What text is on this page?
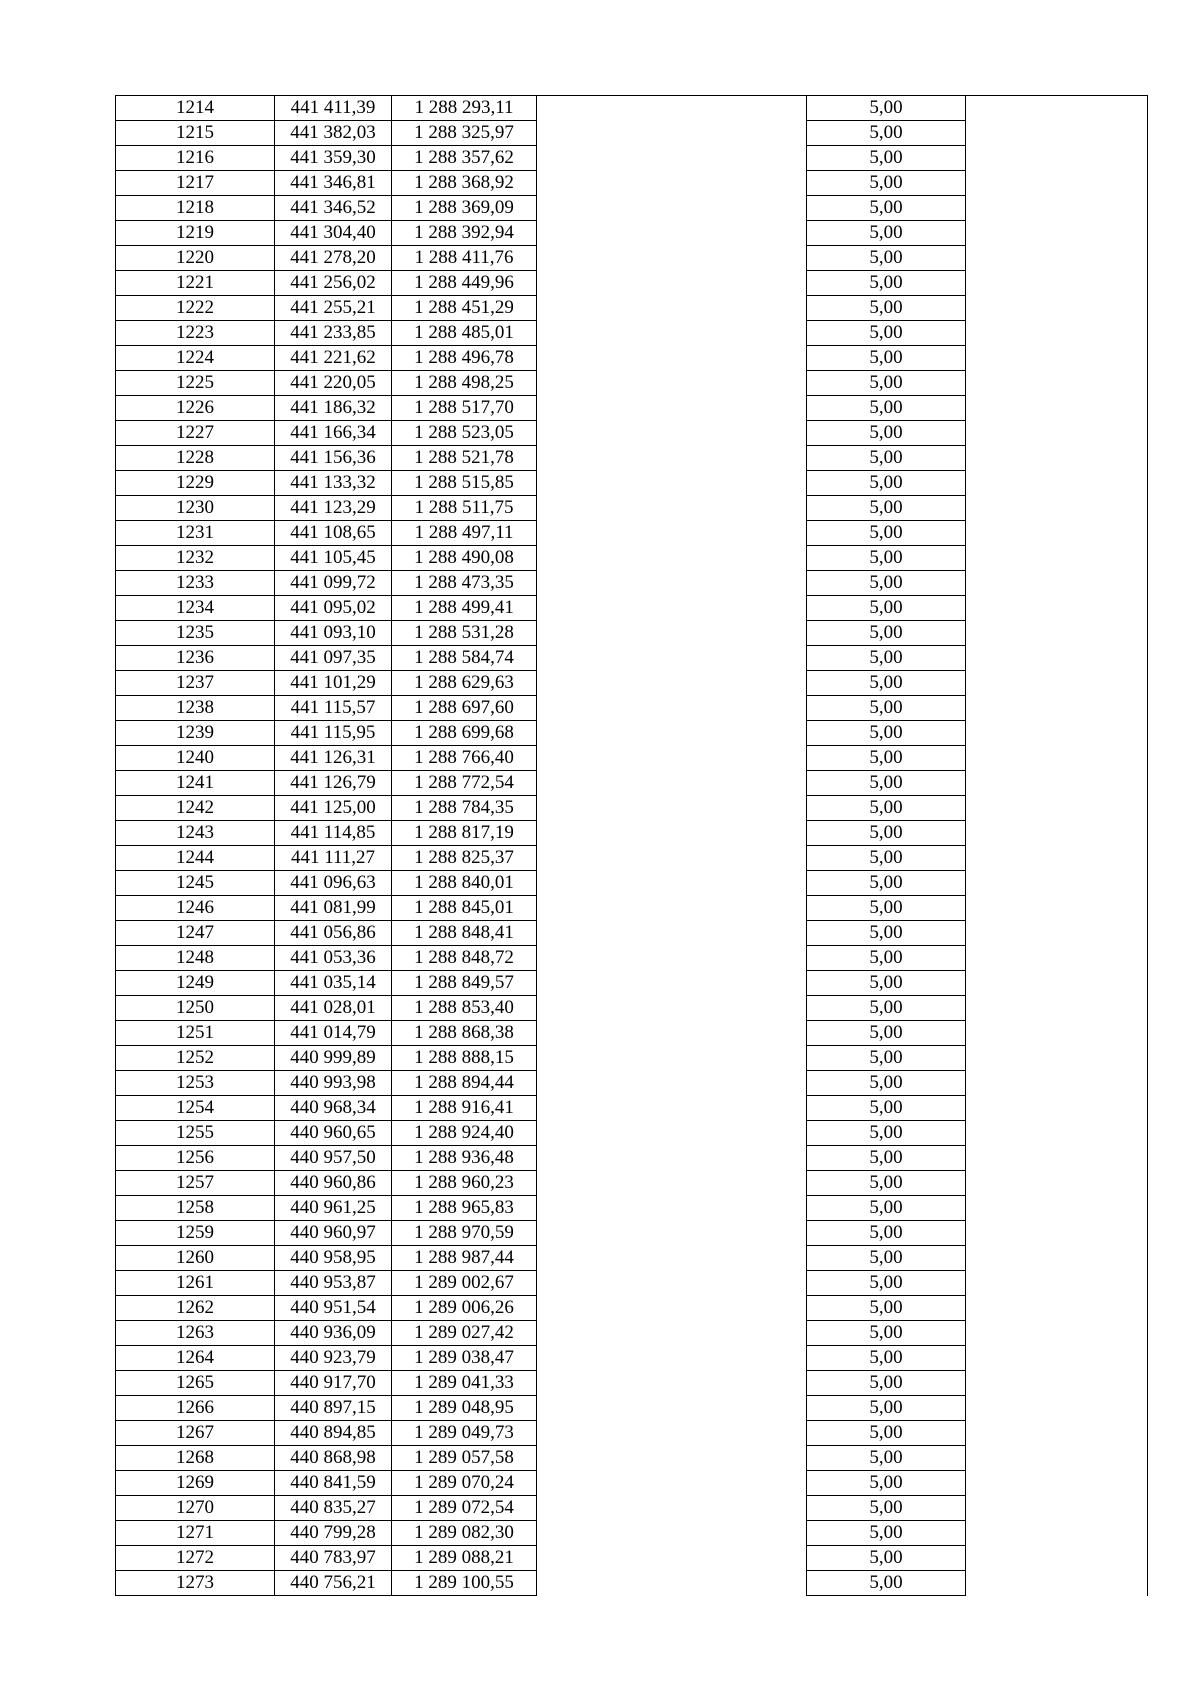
1214	441 411,39	1 288 293,11		5,00	
1215	441 382,03	1 288 325,97		5,00	
1216	441 359,30	1 288 357,62		5,00	
1217	441 346,81	1 288 368,92		5,00	
1218	441 346,52	1 288 369,09		5,00	
1219	441 304,40	1 288 392,94		5,00	
1220	441 278,20	1 288 411,76		5,00	
1221	441 256,02	1 288 449,96		5,00	
1222	441 255,21	1 288 451,29		5,00	
1223	441 233,85	1 288 485,01		5,00	
1224	441 221,62	1 288 496,78		5,00	
1225	441 220,05	1 288 498,25		5,00	
1226	441 186,32	1 288 517,70		5,00	
1227	441 166,34	1 288 523,05		5,00	
1228	441 156,36	1 288 521,78		5,00	
1229	441 133,32	1 288 515,85		5,00	
1230	441 123,29	1 288 511,75		5,00	
1231	441 108,65	1 288 497,11		5,00	
1232	441 105,45	1 288 490,08		5,00	
1233	441 099,72	1 288 473,35		5,00	
1234	441 095,02	1 288 499,41		5,00	
1235	441 093,10	1 288 531,28		5,00	
1236	441 097,35	1 288 584,74		5,00	
1237	441 101,29	1 288 629,63		5,00	
1238	441 115,57	1 288 697,60		5,00	
1239	441 115,95	1 288 699,68		5,00	
1240	441 126,31	1 288 766,40		5,00	
1241	441 126,79	1 288 772,54		5,00	
1242	441 125,00	1 288 784,35		5,00	
1243	441 114,85	1 288 817,19		5,00	
1244	441 111,27	1 288 825,37		5,00	
1245	441 096,63	1 288 840,01		5,00	
1246	441 081,99	1 288 845,01		5,00	
1247	441 056,86	1 288 848,41		5,00	
1248	441 053,36	1 288 848,72		5,00	
1249	441 035,14	1 288 849,57		5,00	
1250	441 028,01	1 288 853,40		5,00	
1251	441 014,79	1 288 868,38		5,00	
1252	440 999,89	1 288 888,15		5,00	
1253	440 993,98	1 288 894,44		5,00	
1254	440 968,34	1 288 916,41		5,00	
1255	440 960,65	1 288 924,40		5,00	
1256	440 957,50	1 288 936,48		5,00	
1257	440 960,86	1 288 960,23		5,00	
1258	440 961,25	1 288 965,83		5,00	
1259	440 960,97	1 288 970,59		5,00	
1260	440 958,95	1 288 987,44		5,00	
1261	440 953,87	1 289 002,67		5,00	
1262	440 951,54	1 289 006,26		5,00	
1263	440 936,09	1 289 027,42		5,00	
1264	440 923,79	1 289 038,47		5,00	
1265	440 917,70	1 289 041,33		5,00	
1266	440 897,15	1 289 048,95		5,00	
1267	440 894,85	1 289 049,73		5,00	
1268	440 868,98	1 289 057,58		5,00	
1269	440 841,59	1 289 070,24		5,00	
1270	440 835,27	1 289 072,54		5,00	
1271	440 799,28	1 289 082,30		5,00	
1272	440 783,97	1 289 088,21		5,00	
1273	440 756,21	1 289 100,55		5,00	
